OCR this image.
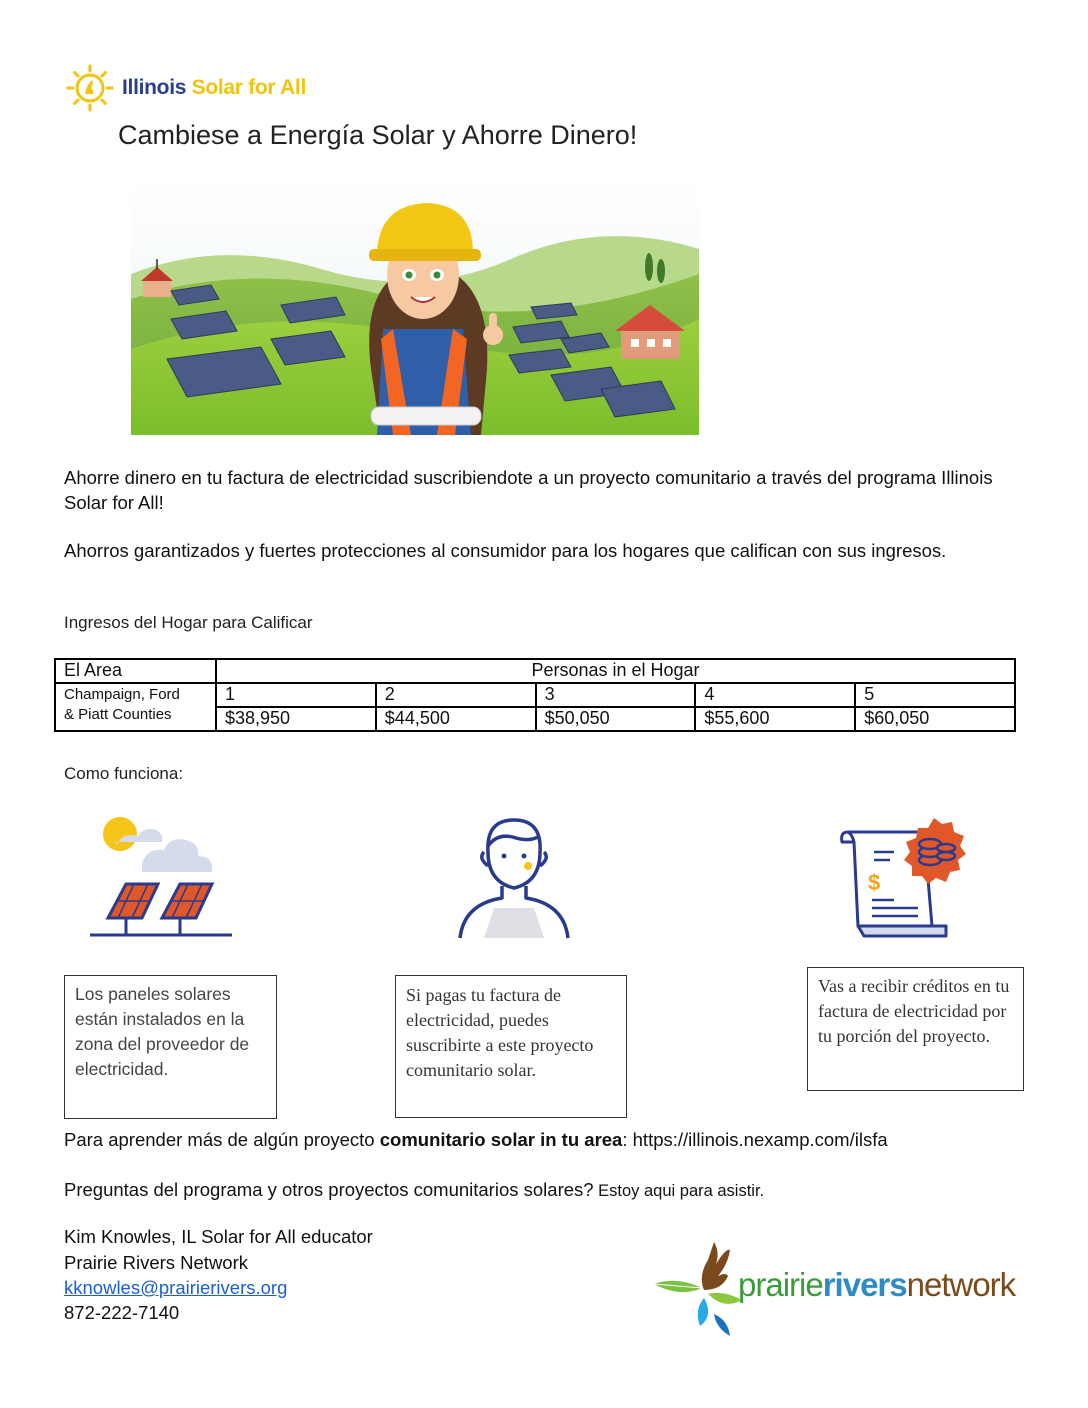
Illinois Solar for All
Cambiese a Energía Solar y Ahorre Dinero!
Ahorre dinero en tu factura de electricidad suscribiendote a un proyecto comunitario a través del programa Illinois Solar for All!
Ahorros garantizados y fuertes protecciones al consumidor para los hogares que califican con sus ingresos.
Ingresos del Hogar para Calificar
El Area	Personas in el Hogar				
Champaign, Ford
& Piatt Counties	1	2	3	4	5
	$38,950	$44,500	$50,050	$55,600	$60,050
Como funciona:
$
Los paneles solares están instalados en la zona del proveedor de electricidad.
Si pagas tu factura de electricidad, puedes suscribirte a este proyecto comunitario solar.
Vas a recibir créditos en tu factura de electricidad por tu porción del proyecto.
Para aprender más de algún proyecto comunitario solar in tu area: https://illinois.nexamp.com/ilsfa
Preguntas del programa y otros proyectos comunitarios solares? Estoy aqui para asistir.
Kim Knowles, IL Solar for All educator
Prairie Rivers Network
kknowles@prairierivers.org
872-222-7140
prairieriversnetwork
